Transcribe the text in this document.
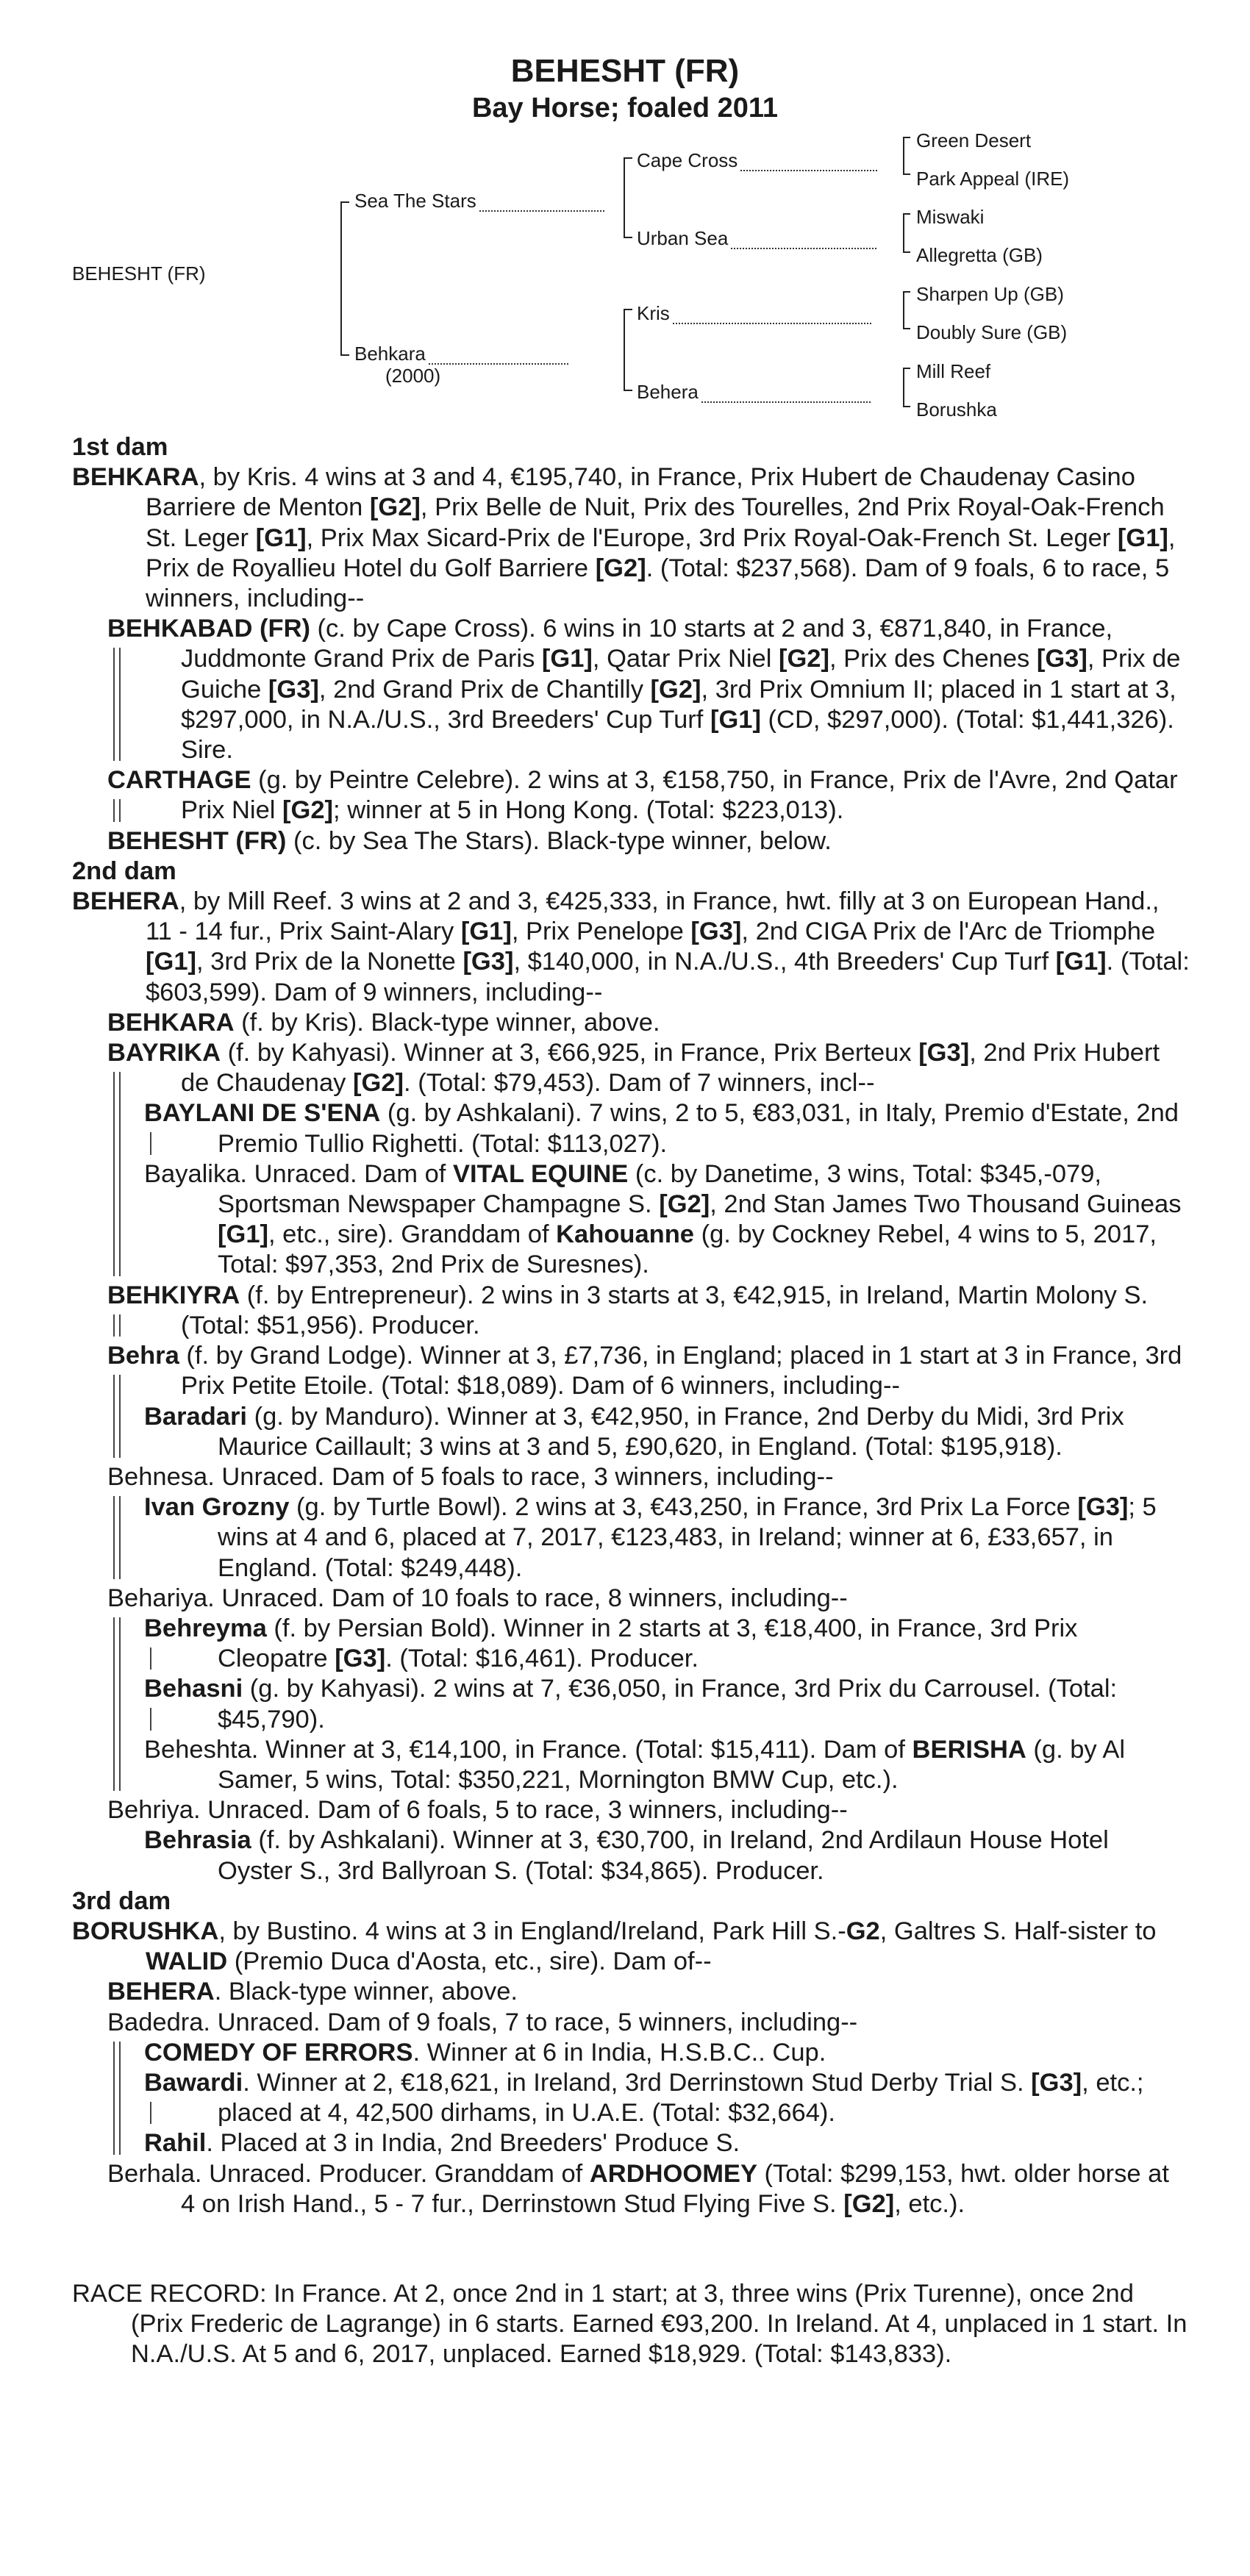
BEHESHT (FR)
Bay Horse; foaled 2011
BEHESHT (FR)
Sea The Stars
Behkara
(2000)
Cape Cross
Urban Sea
Kris
Behera
Green Desert
Park Appeal (IRE)
Miswaki
Allegretta (GB)
Sharpen Up (GB)
Doubly Sure (GB)
Mill Reef
Borushka

1st dam

BEHKARA, by Kris. 4 wins at 3 and 4, €195,740, in France, Prix Hubert de Chaudenay Casino Barriere de Menton [G2], Prix Belle de Nuit, Prix des Tourelles, 2nd Prix Royal-Oak-French St. Leger [G1], Prix Max Sicard-Prix de l'Europe, 3rd Prix Royal-Oak-French St. Leger [G1], Prix de Royallieu Hotel du Golf Barriere [G2]. (Total: $237,568). Dam of 9 foals, 6 to race, 5 winners, including--

BEHKABAD (FR) (c. by Cape Cross). 6 wins in 10 starts at 2 and 3, €871,840, in France, Juddmonte Grand Prix de Paris [G1], Qatar Prix Niel [G2], Prix des Chenes [G3], Prix de Guiche [G3], 2nd Grand Prix de Chantilly [G2], 3rd Prix Omnium II; placed in 1 start at 3, $297,000, in N.A./U.S., 3rd Breeders' Cup Turf [G1] (CD, $297,000). (Total: $1,441,326). Sire.

CARTHAGE (g. by Peintre Celebre). 2 wins at 3, €158,750, in France, Prix de l'Avre, 2nd Qatar Prix Niel [G2]; winner at 5 in Hong Kong. (Total: $223,013).

BEHESHT (FR) (c. by Sea The Stars). Black-type winner, below.

2nd dam

BEHERA, by Mill Reef. 3 wins at 2 and 3, €425,333, in France, hwt. filly at 3 on European Hand., 11 - 14 fur., Prix Saint-Alary [G1], Prix Penelope [G3], 2nd CIGA Prix de l'Arc de Triomphe [G1], 3rd Prix de la Nonette [G3], $140,000, in N.A./U.S., 4th Breeders' Cup Turf [G1]. (Total: $603,599). Dam of 9 winners, including--

BEHKARA (f. by Kris). Black-type winner, above.

BAYRIKA (f. by Kahyasi). Winner at 3, €66,925, in France, Prix Berteux [G3], 2nd Prix Hubert de Chaudenay [G2]. (Total: $79,453). Dam of 7 winners, incl--

BAYLANI DE S'ENA (g. by Ashkalani). 7 wins, 2 to 5, €83,031, in Italy, Premio d'Estate, 2nd Premio Tullio Righetti. (Total: $113,027).

Bayalika. Unraced. Dam of VITAL EQUINE (c. by Danetime, 3 wins, Total: $345,-079, Sportsman Newspaper Champagne S. [G2], 2nd Stan James Two Thousand Guineas [G1], etc., sire). Granddam of Kahouanne (g. by Cockney Rebel, 4 wins to 5, 2017, Total: $97,353, 2nd Prix de Suresnes).

BEHKIYRA (f. by Entrepreneur). 2 wins in 3 starts at 3, €42,915, in Ireland, Martin Molony S. (Total: $51,956). Producer.

Behra (f. by Grand Lodge). Winner at 3, £7,736, in England; placed in 1 start at 3 in France, 3rd Prix Petite Etoile. (Total: $18,089). Dam of 6 winners, including--

Baradari (g. by Manduro). Winner at 3, €42,950, in France, 2nd Derby du Midi, 3rd Prix Maurice Caillault; 3 wins at 3 and 5, £90,620, in England. (Total: $195,918).

Behnesa. Unraced. Dam of 5 foals to race, 3 winners, including--

Ivan Grozny (g. by Turtle Bowl). 2 wins at 3, €43,250, in France, 3rd Prix La Force [G3]; 5 wins at 4 and 6, placed at 7, 2017, €123,483, in Ireland; winner at 6, £33,657, in England. (Total: $249,448).

Behariya. Unraced. Dam of 10 foals to race, 8 winners, including--

Behreyma (f. by Persian Bold). Winner in 2 starts at 3, €18,400, in France, 3rd Prix Cleopatre [G3]. (Total: $16,461). Producer.

Behasni (g. by Kahyasi). 2 wins at 7, €36,050, in France, 3rd Prix du Carrousel. (Total: $45,790).

Beheshta. Winner at 3, €14,100, in France. (Total: $15,411). Dam of BERISHA (g. by Al Samer, 5 wins, Total: $350,221, Mornington BMW Cup, etc.).

Behriya. Unraced. Dam of 6 foals, 5 to race, 3 winners, including--

Behrasia (f. by Ashkalani). Winner at 3, €30,700, in Ireland, 2nd Ardilaun House Hotel Oyster S., 3rd Ballyroan S. (Total: $34,865). Producer.

3rd dam

BORUSHKA, by Bustino. 4 wins at 3 in England/Ireland, Park Hill S.-G2, Galtres S. Half-sister to WALID (Premio Duca d'Aosta, etc., sire). Dam of--

BEHERA. Black-type winner, above.

Badedra. Unraced. Dam of 9 foals, 7 to race, 5 winners, including--

COMEDY OF ERRORS. Winner at 6 in India, H.S.B.C.. Cup.

Bawardi. Winner at 2, €18,621, in Ireland, 3rd Derrinstown Stud Derby Trial S. [G3], etc.; placed at 4, 42,500 dirhams, in U.A.E. (Total: $32,664).

Rahil. Placed at 3 in India, 2nd Breeders' Produce S.

Berhala. Unraced. Producer. Granddam of ARDHOOMEY (Total: $299,153, hwt. older horse at 4 on Irish Hand., 5 - 7 fur., Derrinstown Stud Flying Five S. [G2], etc.).

RACE RECORD: In France. At 2, once 2nd in 1 start; at 3, three wins (Prix Turenne), once 2nd (Prix Frederic de Lagrange) in 6 starts. Earned €93,200. In Ireland. At 4, unplaced in 1 start. In N.A./U.S. At 5 and 6, 2017, unplaced. Earned $18,929. (Total: $143,833).
